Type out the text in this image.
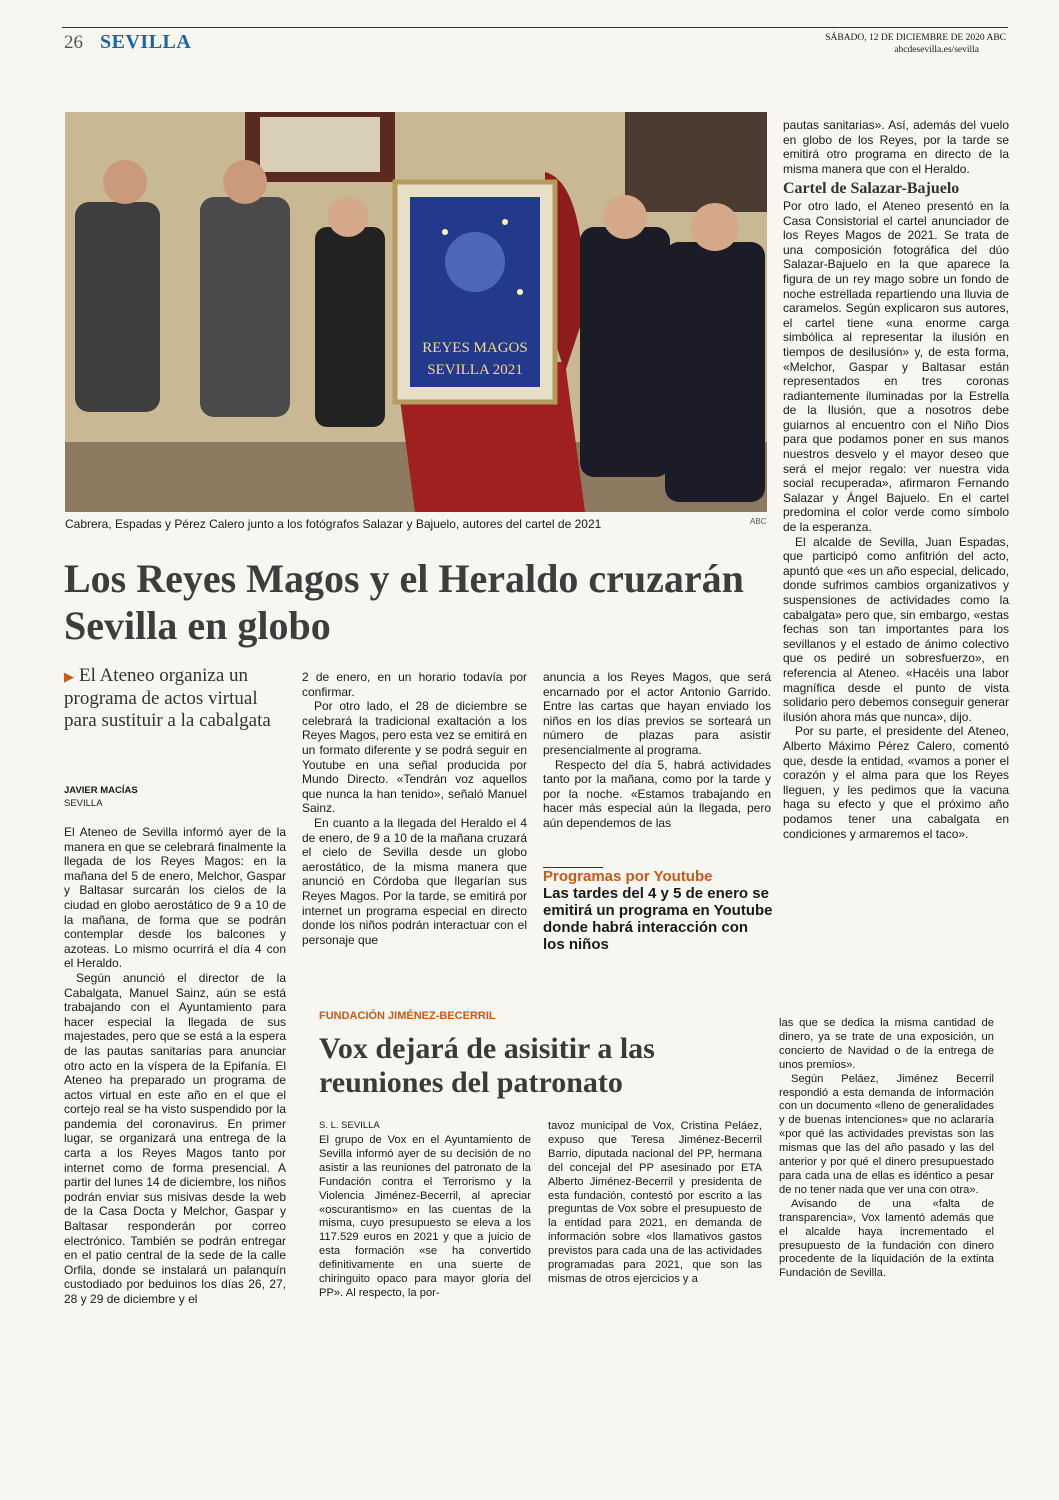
26 SEVILLA	SÁBADO, 12 DE DICIEMBRE DE 2020 ABC
abcdesevilla.es/sevilla
REYES MAGOS
SEVILLA 2021
Cabrera, Espadas y Pérez Calero junto a los fotógrafos Salazar y Bajuelo, autores del cartel de 2021	ABC
Los Reyes Magos y el Heraldo cruzarán Sevilla en globo
▶ El Ateneo organiza un programa de actos virtual para sustituir a la cabalgata
JAVIER MACÍAS
SEVILLA

El Ateneo de Sevilla informó ayer de la manera en que se celebrará finalmente la llegada de los Reyes Magos: en la mañana del 5 de enero, Melchor, Gaspar y Baltasar surcarán los cielos de la ciudad en globo aerostático de 9 a 10 de la mañana, de forma que se podrán contemplar desde los balcones y azoteas. Lo mismo ocurrirá el día 4 con el Heraldo.

Según anunció el director de la Cabalgata, Manuel Sainz, aún se está trabajando con el Ayuntamiento para hacer especial la llegada de sus majestades, pero que se está a la espera de las pautas sanitarias para anunciar otro acto en la víspera de la Epifanía. El Ateneo ha preparado un programa de actos virtual en este año en el que el cortejo real se ha visto suspendido por la pandemia del coronavirus. En primer lugar, se organizará una entrega de la carta a los Reyes Magos tanto por internet como de forma presencial. A partir del lunes 14 de diciembre, los niños podrán enviar sus misivas desde la web de la Casa Docta y Melchor, Gaspar y Baltasar responderán por correo electrónico. También se podrán entregar en el patio central de la sede de la calle Orfila, donde se instalará un palanquín custodiado por beduinos los días 26, 27, 28 y 29 de diciembre y el

2 de enero, en un horario todavía por confirmar.

Por otro lado, el 28 de diciembre se celebrará la tradicional exaltación a los Reyes Magos, pero esta vez se emitirá en un formato diferente y se podrá seguir en Youtube en una señal producida por Mundo Directo. «Tendrán voz aquellos que nunca la han tenido», señaló Manuel Sainz.

En cuanto a la llegada del Heraldo el 4 de enero, de 9 a 10 de la mañana cruzará el cielo de Sevilla desde un globo aerostático, de la misma manera que anunció en Córdoba que llegarían sus Reyes Magos. Por la tarde, se emitirá por internet un programa especial en directo donde los niños podrán interactuar con el personaje que

anuncia a los Reyes Magos, que será encarnado por el actor Antonio Garrido. Entre las cartas que hayan enviado los niños en los días previos se sorteará un número de plazas para asistir presencialmente al programa.

Respecto del día 5, habrá actividades tanto por la mañana, como por la tarde y por la noche. «Estamos trabajando en hacer más especial aún la llegada, pero aún dependemos de las

Programas por Youtube
Las tardes del 4 y 5 de enero se emitirá un programa en Youtube donde habrá interacción con los niños

pautas sanitarias». Así, además del vuelo en globo de los Reyes, por la tarde se emitirá otro programa en directo de la misma manera que con el Heraldo.

Cartel de Salazar-Bajuelo

Por otro lado, el Ateneo presentó en la Casa Consistorial el cartel anunciador de los Reyes Magos de 2021. Se trata de una composición fotográfica del dúo Salazar-Bajuelo en la que aparece la figura de un rey mago sobre un fondo de noche estrellada repartiendo una lluvia de caramelos. Según explicaron sus autores, el cartel tiene «una enorme carga simbólica al representar la ilusión en tiempos de desilusión» y, de esta forma, «Melchor, Gaspar y Baltasar están representados en tres coronas radiantemente iluminadas por la Estrella de la Ilusión, que a nosotros debe guiarnos al encuentro con el Niño Dios para que podamos poner en sus manos nuestros desvelo y el mayor deseo que será el mejor regalo: ver nuestra vida social recuperada», afirmaron Fernando Salazar y Ángel Bajuelo. En el cartel predomina el color verde como símbolo de la esperanza.

El alcalde de Sevilla, Juan Espadas, que participó como anfitrión del acto, apuntó que «es un año especial, delicado, donde sufrimos cambios organizativos y suspensiones de actividades como la cabalgata» pero que, sin embargo, «estas fechas son tan importantes para los sevillanos y el estado de ánimo colectivo que os pediré un sobresfuerzo», en referencia al Ateneo. «Hacéis una labor magnífica desde el punto de vista solidario pero debemos conseguir generar ilusión ahora más que nunca», dijo.

Por su parte, el presidente del Ateneo, Alberto Máximo Pérez Calero, comentó que, desde la entidad, «vamos a poner el corazón y el alma para que los Reyes lleguen, y les pedimos que la vacuna haga su efecto y que el próximo año podamos tener una cabalgata en condiciones y armaremos el taco».

FUNDACIÓN JIMÉNEZ-BECERRIL
Vox dejará de asisitir a las reuniones del patronato
S. L. SEVILLA

El grupo de Vox en el Ayuntamiento de Sevilla informó ayer de su decisión de no asistir a las reuniones del patronato de la Fundación contra el Terrorismo y la Violencia Jiménez-Becerril, al apreciar «oscurantismo» en las cuentas de la misma, cuyo presupuesto se eleva a los 117.529 euros en 2021 y que a juicio de esta formación «se ha convertido definitivamente en una suerte de chiringuito opaco para mayor gloria del PP». Al respecto, la por-

tavoz municipal de Vox, Cristina Peláez, expuso que Teresa Jiménez-Becerril Barrio, diputada nacional del PP, hermana del concejal del PP asesinado por ETA Alberto Jiménez-Becerril y presidenta de esta fundación, contestó por escrito a las preguntas de Vox sobre el presupuesto de la entidad para 2021, en demanda de información sobre «los llamativos gastos previstos para cada una de las actividades programadas para 2021, que son las mismas de otros ejercicios y a

las que se dedica la misma cantidad de dinero, ya se trate de una exposición, un concierto de Navidad o de la entrega de unos premios».

Según Peláez, Jiménez Becerril respondió a esta demanda de información con un documento «lleno de generalidades y de buenas intenciones» que no aclararía «por qué las actividades previstas son las mismas que las del año pasado y las del anterior y por qué el dinero presupuestado para cada una de ellas es idéntico a pesar de no tener nada que ver una con otra».

Avisando de una «falta de transparencia», Vox lamentó además que el alcalde haya incrementado el presupuesto de la fundación con dinero procedente de la liquidación de la extinta Fundación de Sevilla.
